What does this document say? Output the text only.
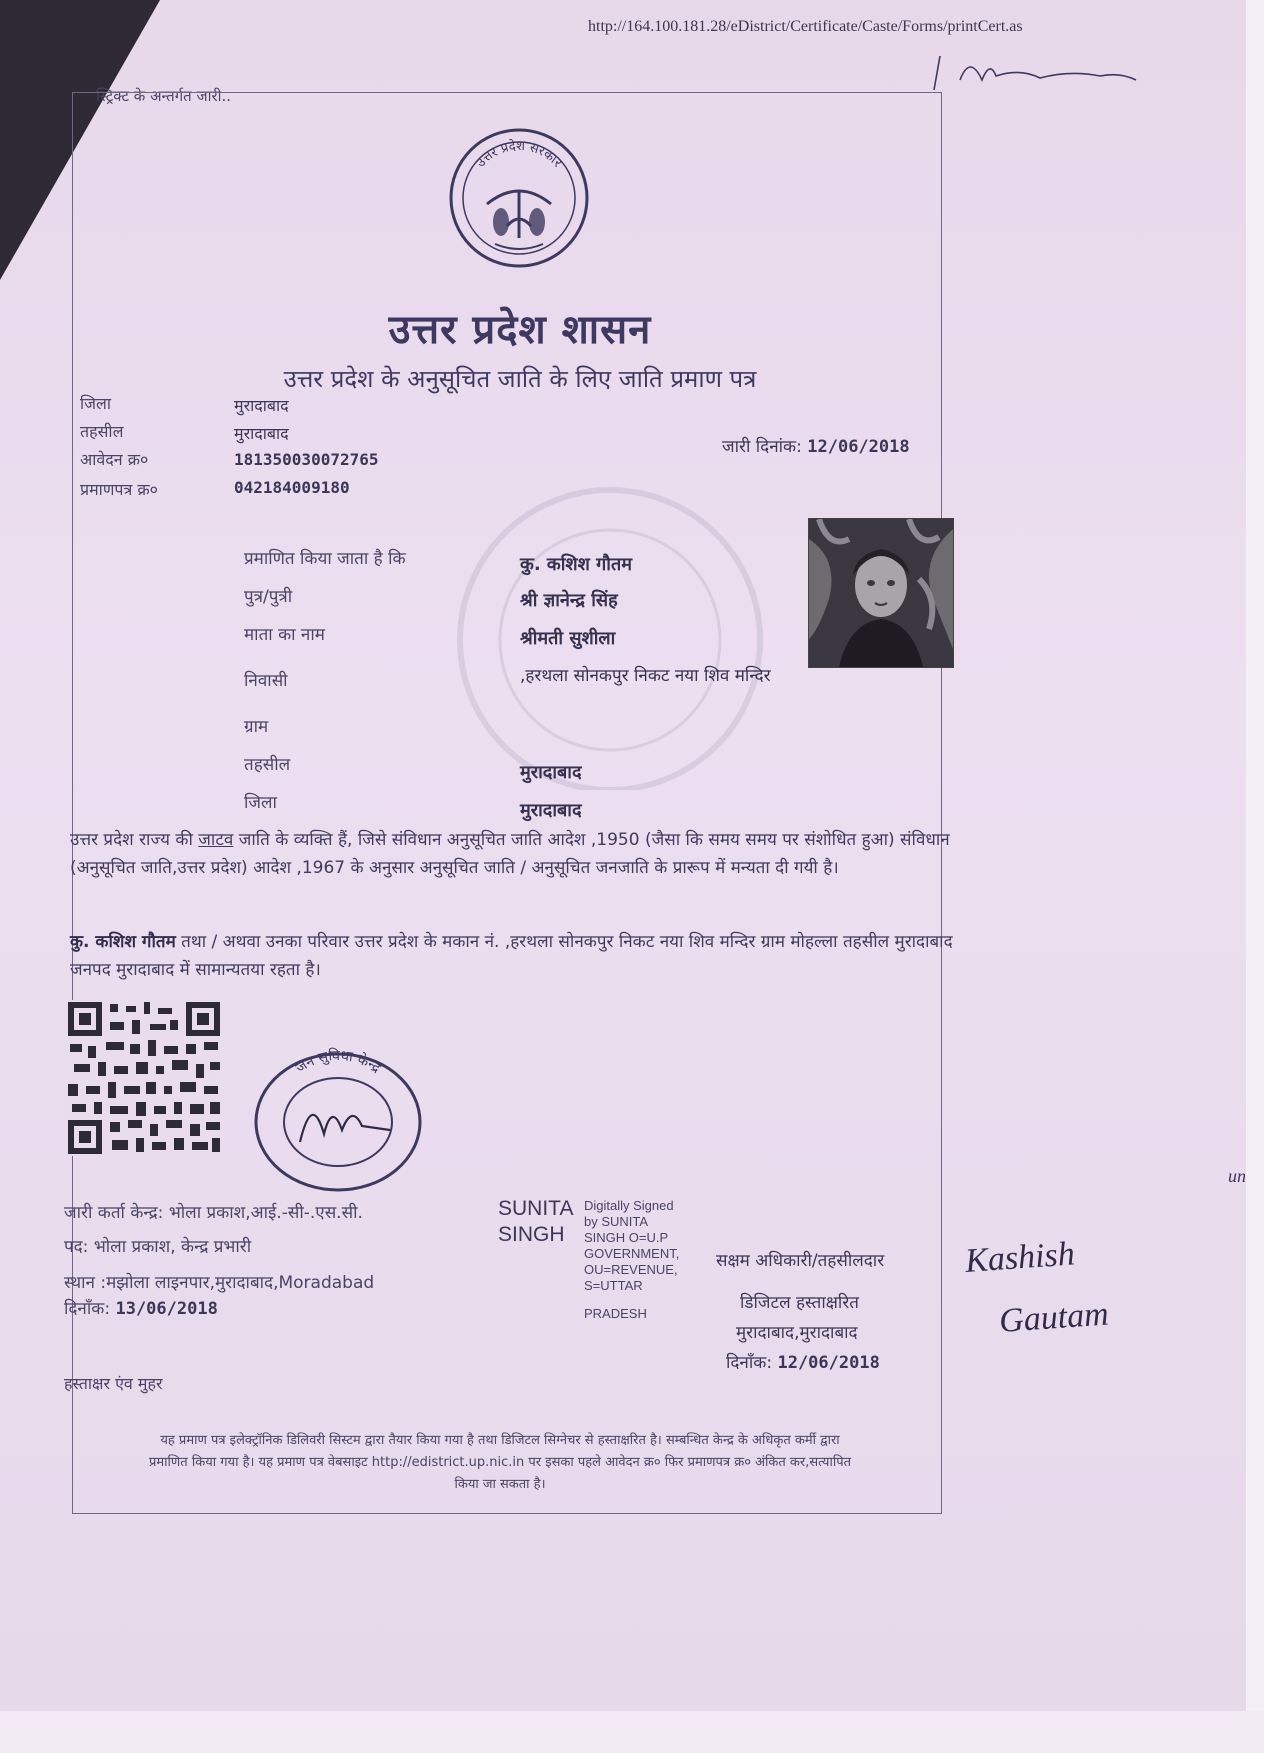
http://164.100.181.28/eDistrict/Certificate/Caste/Forms/printCert.as
स्ट्रिक्ट के अन्तर्गत जारी..
उत्तर प्रदेश सरकार
उत्तर प्रदेश शासन
उत्तर प्रदेश के अनुसूचित जाति के लिए जाति प्रमाण पत्र
जिला	मुरादाबाद
तहसील	मुरादाबाद
आवेदन क्र०	181350030072765
प्रमाणपत्र क्र०	042184009180
जारी दिनांक: 12/06/2018
प्रमाणित किया जाता है कि	कु. कशिश गौतम
पुत्र/पुत्री	श्री ज्ञानेन्द्र सिंह
माता का नाम	श्रीमती सुशीला
निवासी	,हरथला सोनकपुर निकट नया शिव मन्दिर
ग्राम
तहसील	मुरादाबाद
जिला	मुरादाबाद
उत्तर प्रदेश राज्य की जाटव जाति के व्यक्ति हैं, जिसे संविधान अनुसूचित जाति आदेश ,1950 (जैसा कि समय समय पर संशोधित हुआ) संविधान (अनुसूचित जाति,उत्तर प्रदेश) आदेश ,1967 के अनुसार अनुसूचित जाति / अनुसूचित जनजाति के प्रारूप में मन्यता दी गयी है।
कु. कशिश गौतम तथा / अथवा उनका परिवार उत्तर प्रदेश के मकान नं. ,हरथला सोनकपुर निकट नया शिव मन्दिर ग्राम मोहल्ला तहसील मुरादाबाद जनपद मुरादाबाद में सामान्यतया रहता है।
जन सुविधा केन्द्र
जारी कर्ता केन्द्र: भोला प्रकाश,आई.-सी-.एस.सी.
पद: भोला प्रकाश, केन्द्र प्रभारी
स्थान :मझोला लाइनपार,मुरादाबाद,Moradabad
दिनाँक: 13/06/2018
SUNITA
SINGH
Digitally Signed
by SUNITA
SINGH O=U.P
GOVERNMENT,
OU=REVENUE,
S=UTTAR
PRADESH
सक्षम अधिकारी/तहसीलदार
डिजिटल हस्ताक्षरित
मुरादाबाद,मुरादाबाद
दिनाँक: 12/06/2018
Kashish
Gautam
un
हस्ताक्षर एंव मुहर
यह प्रमाण पत्र इलेक्ट्रॉनिक डिलिवरी सिस्टम द्वारा तैयार किया गया है तथा डिजिटल सिग्नेचर से हस्ताक्षरित है। सम्बन्धित केन्द्र के अधिकृत कर्मी द्वारा
प्रमाणित किया गया है। यह प्रमाण पत्र वेबसाइट http://edistrict.up.nic.in पर इसका पहले आवेदन क्र० फिर प्रमाणपत्र क्र० अंकित कर,सत्यापित
किया जा सकता है।
